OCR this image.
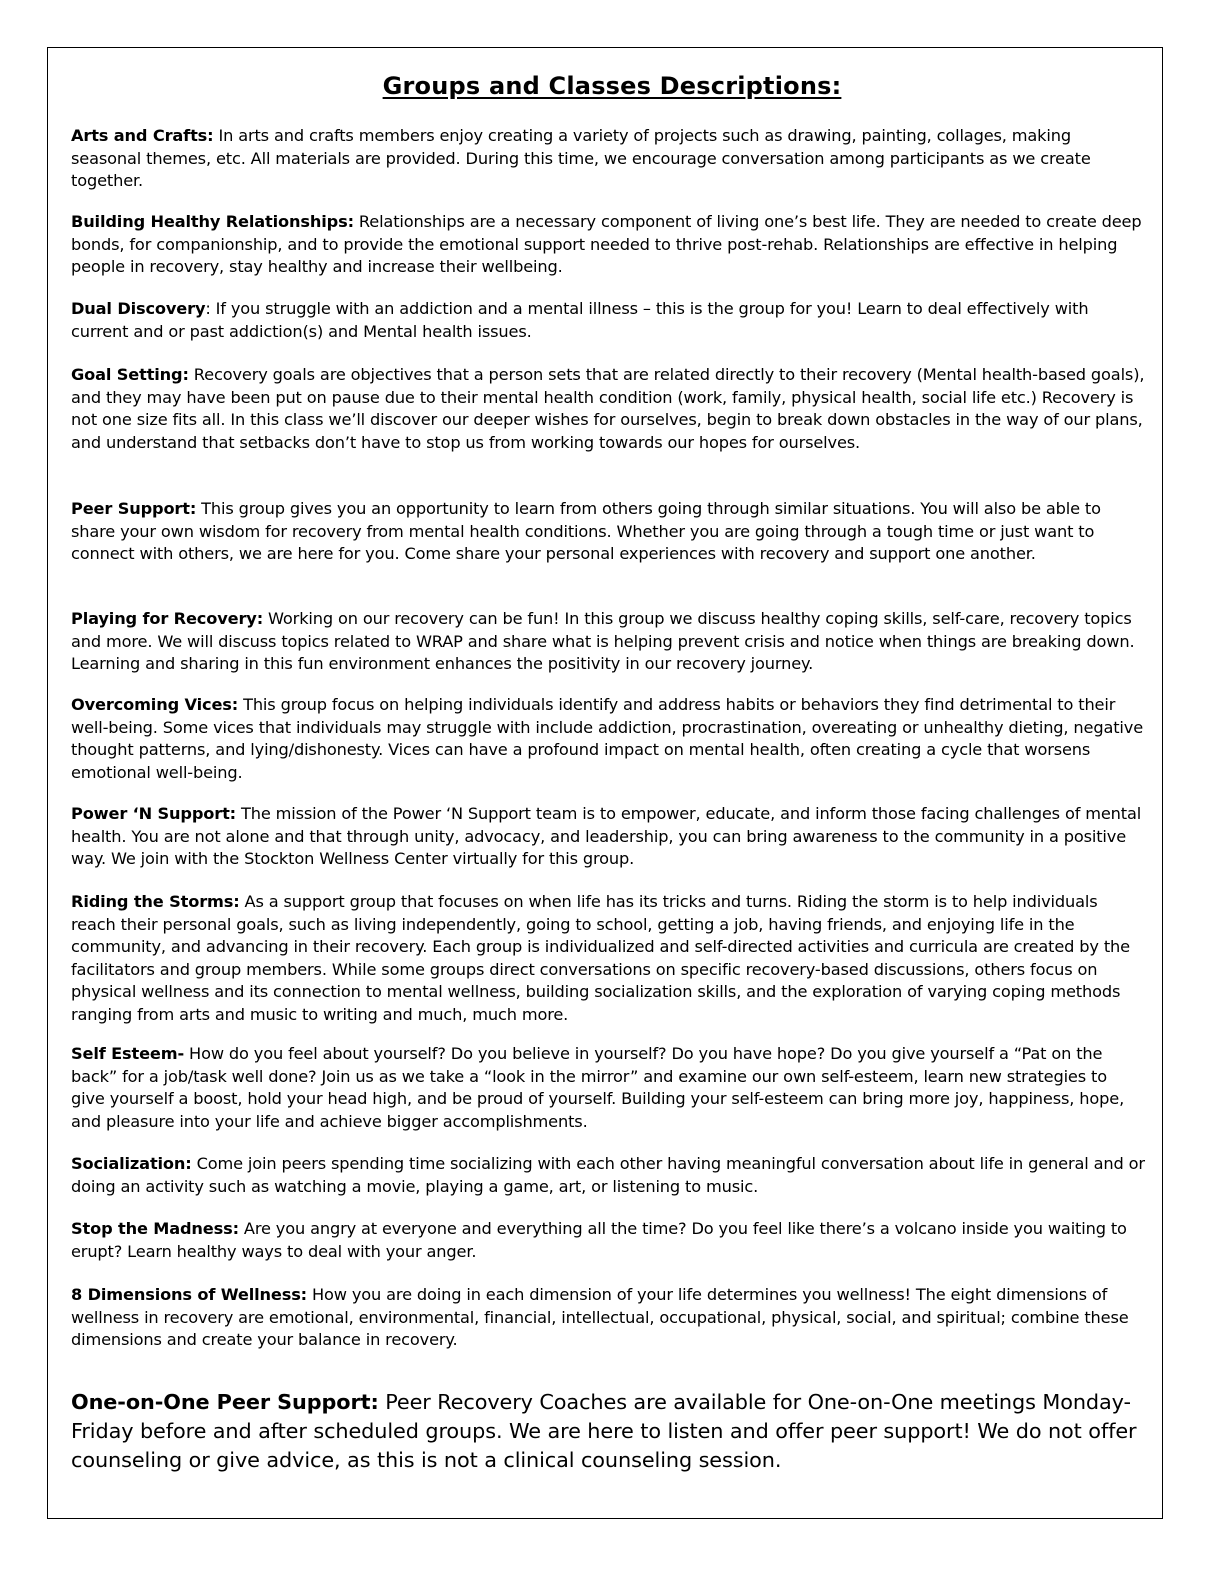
Groups and Classes Descriptions:

Arts and Crafts: In arts and crafts members enjoy creating a variety of projects such as drawing, painting, collages, making seasonal themes, etc. All materials are provided. During this time, we encourage conversation among participants as we create together.

Building Healthy Relationships: Relationships are a necessary component of living one’s best life. They are needed to create deep bonds, for companionship, and to provide the emotional support needed to thrive post-rehab. Relationships are effective in helping people in recovery, stay healthy and increase their wellbeing.

Dual Discovery: If you struggle with an addiction and a mental illness – this is the group for you! Learn to deal effectively with current and or past addiction(s) and Mental health issues.

Goal Setting: Recovery goals are objectives that a person sets that are related directly to their recovery (Mental health-based goals), and they may have been put on pause due to their mental health condition (work, family, physical health, social life etc.) Recovery is not one size fits all. In this class we’ll discover our deeper wishes for ourselves, begin to break down obstacles in the way of our plans, and understand that setbacks don’t have to stop us from working towards our hopes for ourselves.

Peer Support: This group gives you an opportunity to learn from others going through similar situations. You will also be able to share your own wisdom for recovery from mental health conditions. Whether you are going through a tough time or just want to connect with others, we are here for you. Come share your personal experiences with recovery and support one another.

Playing for Recovery: Working on our recovery can be fun! In this group we discuss healthy coping skills, self-care, recovery topics and more. We will discuss topics related to WRAP and share what is helping prevent crisis and notice when things are breaking down. Learning and sharing in this fun environment enhances the positivity in our recovery journey.

Overcoming Vices: This group focus on helping individuals identify and address habits or behaviors they find detrimental to their well-being. Some vices that individuals may struggle with include addiction, procrastination, overeating or unhealthy dieting, negative thought patterns, and lying/dishonesty. Vices can have a profound impact on mental health, often creating a cycle that worsens emotional well-being.

Power ‘N Support: The mission of the Power ‘N Support team is to empower, educate, and inform those facing challenges of mental health. You are not alone and that through unity, advocacy, and leadership, you can bring awareness to the community in a positive way. We join with the Stockton Wellness Center virtually for this group.

Riding the Storms: As a support group that focuses on when life has its tricks and turns. Riding the storm is to help individuals reach their personal goals, such as living independently, going to school, getting a job, having friends, and enjoying life in the community, and advancing in their recovery. Each group is individualized and self-directed activities and curricula are created by the facilitators and group members. While some groups direct conversations on specific recovery-based discussions, others focus on physical wellness and its connection to mental wellness, building socialization skills, and the exploration of varying coping methods ranging from arts and music to writing and much, much more.

Self Esteem- How do you feel about yourself? Do you believe in yourself? Do you have hope? Do you give yourself a “Pat on the back” for a job/task well done? Join us as we take a “look in the mirror” and examine our own self-esteem, learn new strategies to give yourself a boost, hold your head high, and be proud of yourself. Building your self-esteem can bring more joy, happiness, hope, and pleasure into your life and achieve bigger accomplishments.

Socialization: Come join peers spending time socializing with each other having meaningful conversation about life in general and or doing an activity such as watching a movie, playing a game, art, or listening to music.

Stop the Madness: Are you angry at everyone and everything all the time? Do you feel like there’s a volcano inside you waiting to erupt? Learn healthy ways to deal with your anger.

8 Dimensions of Wellness: How you are doing in each dimension of your life determines you wellness! The eight dimensions of wellness in recovery are emotional, environmental, financial, intellectual, occupational, physical, social, and spiritual; combine these dimensions and create your balance in recovery.

One-on-One Peer Support: Peer Recovery Coaches are available for One-on-One meetings Monday- Friday before and after scheduled groups. We are here to listen and offer peer support! We do not offer counseling or give advice, as this is not a clinical counseling session.
